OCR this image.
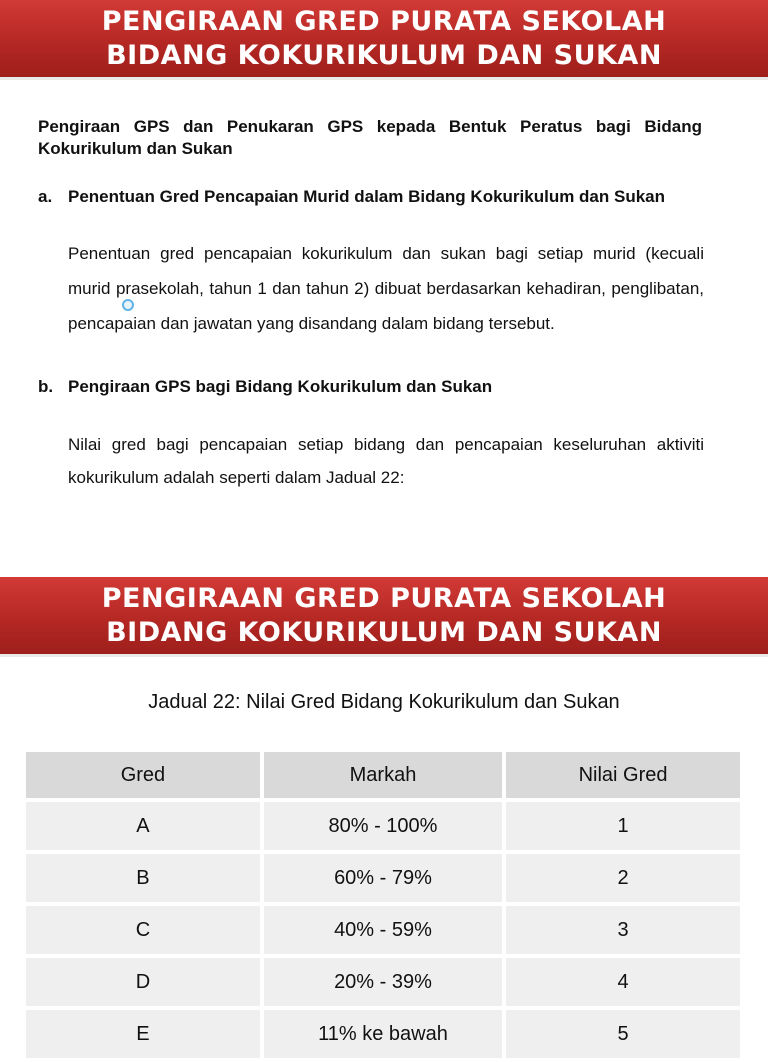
PENGIRAAN GRED PURATA SEKOLAH
BIDANG KOKURIKULUM DAN SUKAN
Pengiraan GPS dan Penukaran GPS kepada Bentuk Peratus bagi Bidang Kokurikulum dan Sukan
a. Penentuan Gred Pencapaian Murid dalam Bidang Kokurikulum dan Sukan
Penentuan gred pencapaian kokurikulum dan sukan bagi setiap murid (kecuali murid prasekolah, tahun 1 dan tahun 2) dibuat berdasarkan kehadiran, penglibatan, pencapaian dan jawatan yang disandang dalam bidang tersebut.
b. Pengiraan GPS bagi Bidang Kokurikulum dan Sukan
Nilai gred bagi pencapaian setiap bidang dan pencapaian keseluruhan aktiviti kokurikulum adalah seperti dalam Jadual 22:
PENGIRAAN GRED PURATA SEKOLAH
BIDANG KOKURIKULUM DAN SUKAN
Jadual 22: Nilai Gred Bidang Kokurikulum dan Sukan
Gred	Markah	Nilai Gred
A	80% - 100%	1
B	60% - 79%	2
C	40% - 59%	3
D	20% - 39%	4
E	11% ke bawah	5
